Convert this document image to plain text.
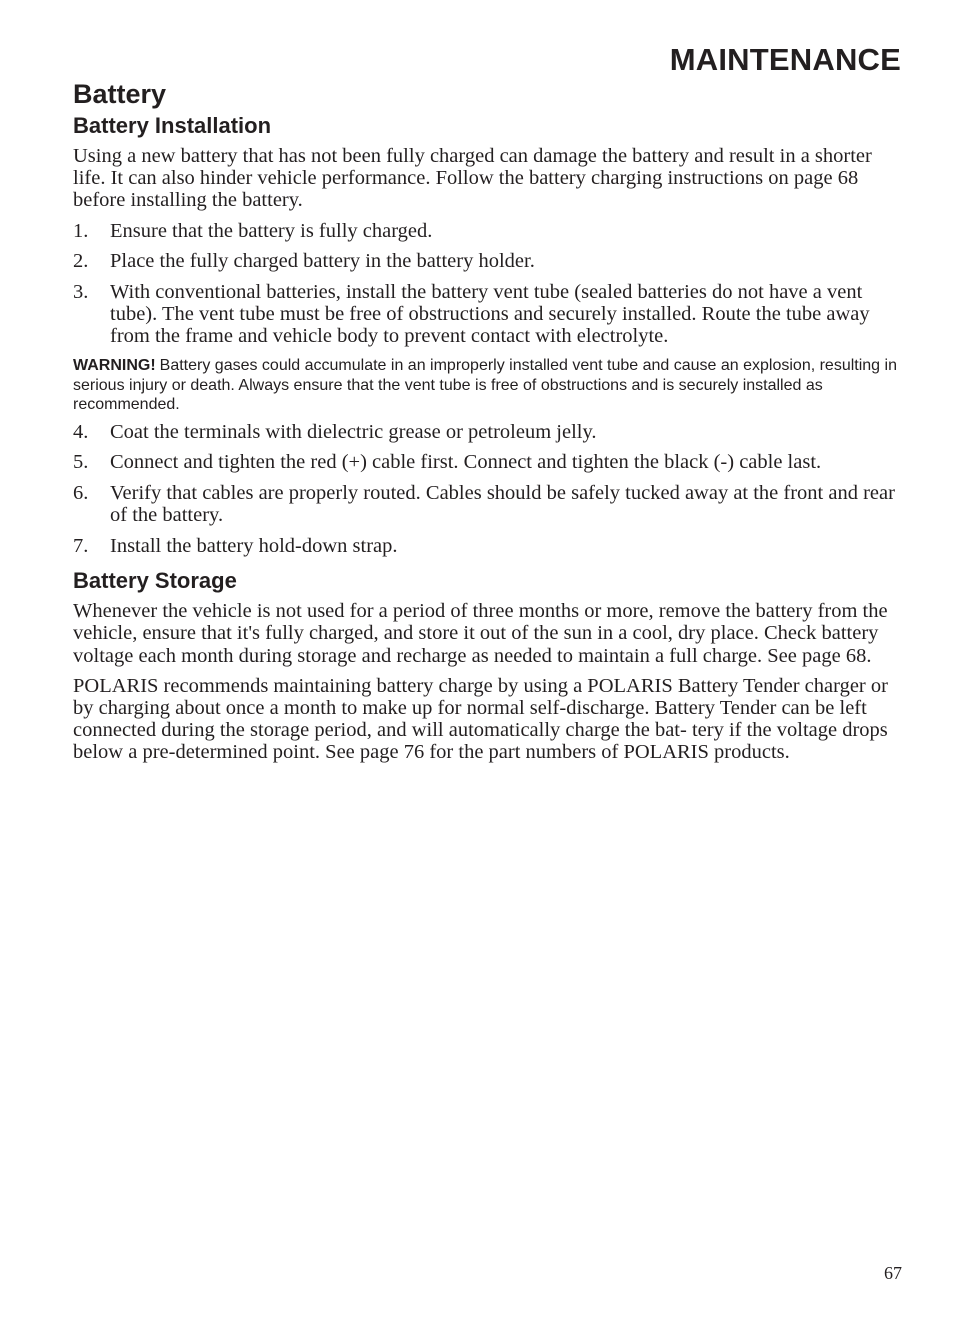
MAINTENANCE
Battery
Battery Installation

Using a new battery that has not been fully charged can damage the battery and result in a shorter life. It can also hinder vehicle performance. Follow the battery charging instructions on page 68 before installing the battery.

1.	Ensure that the battery is fully charged.
2.	Place the fully charged battery in the battery holder.
3.	With conventional batteries, install the battery vent tube (sealed batteries do not have a vent tube). The vent tube must be free of obstructions and securely installed. Route the tube away from the frame and vehicle body to prevent contact with electrolyte.

WARNING! Battery gases could accumulate in an improperly installed vent tube and cause an explosion, resulting in serious injury or death. Always ensure that the vent tube is free of obstructions and is securely installed as recommended.

4.	Coat the terminals with dielectric grease or petroleum jelly.
5.	Connect and tighten the red (+) cable first. Connect and tighten the black (-) cable last.
6.	Verify that cables are properly routed. Cables should be safely tucked away at the front and rear of the battery.
7.	Install the battery hold-down strap.
Battery Storage

Whenever the vehicle is not used for a period of three months or more, remove the battery from the vehicle, ensure that it's fully charged, and store it out of the sun in a cool, dry place. Check battery voltage each month during storage and recharge as needed to maintain a full charge. See page 68.

POLARIS recommends maintaining battery charge by using a POLARIS Battery Tender charger or by charging about once a month to make up for normal self-discharge. Battery Tender can be left connected during the storage period, and will automatically charge the bat- tery if the voltage drops below a pre-determined point. See page 76 for the part numbers of POLARIS products.

67
